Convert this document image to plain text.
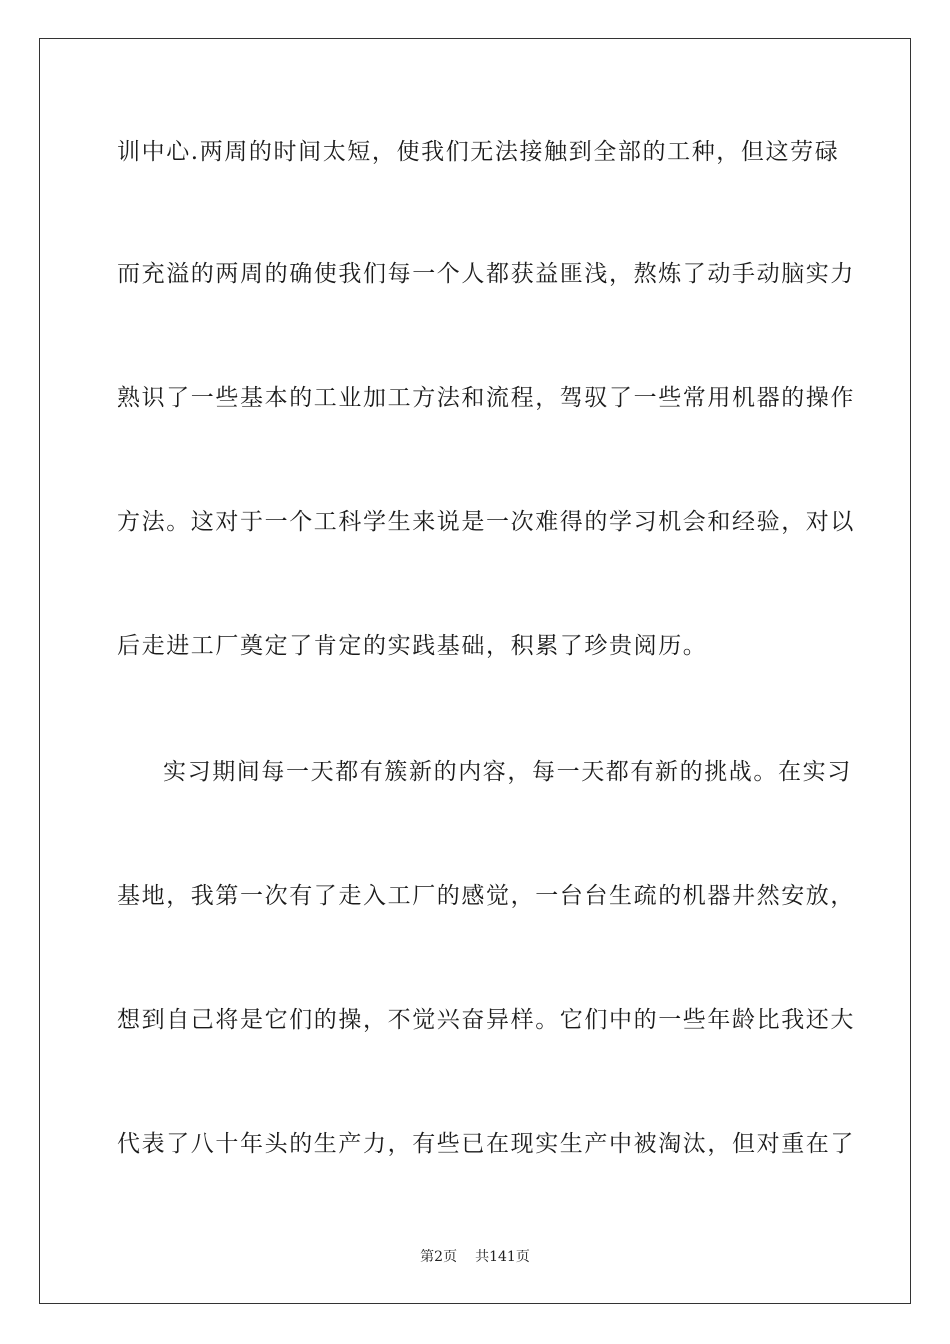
训中心.两周的时间太短，使我们无法接触到全部的工种，但这劳碌
而充溢的两周的确使我们每一个人都获益匪浅，熬炼了动手动脑实力
熟识了一些基本的工业加工方法和流程，驾驭了一些常用机器的操作
方法。这对于一个工科学生来说是一次难得的学习机会和经验，对以
后走进工厂奠定了肯定的实践基础，积累了珍贵阅历。
实习期间每一天都有簇新的内容，每一天都有新的挑战。在实习
基地，我第一次有了走入工厂的感觉，一台台生疏的机器井然安放，
想到自己将是它们的操，不觉兴奋异样。它们中的一些年龄比我还大
代表了八十年头的生产力，有些已在现实生产中被淘汰，但对重在了
第2页 共141页
